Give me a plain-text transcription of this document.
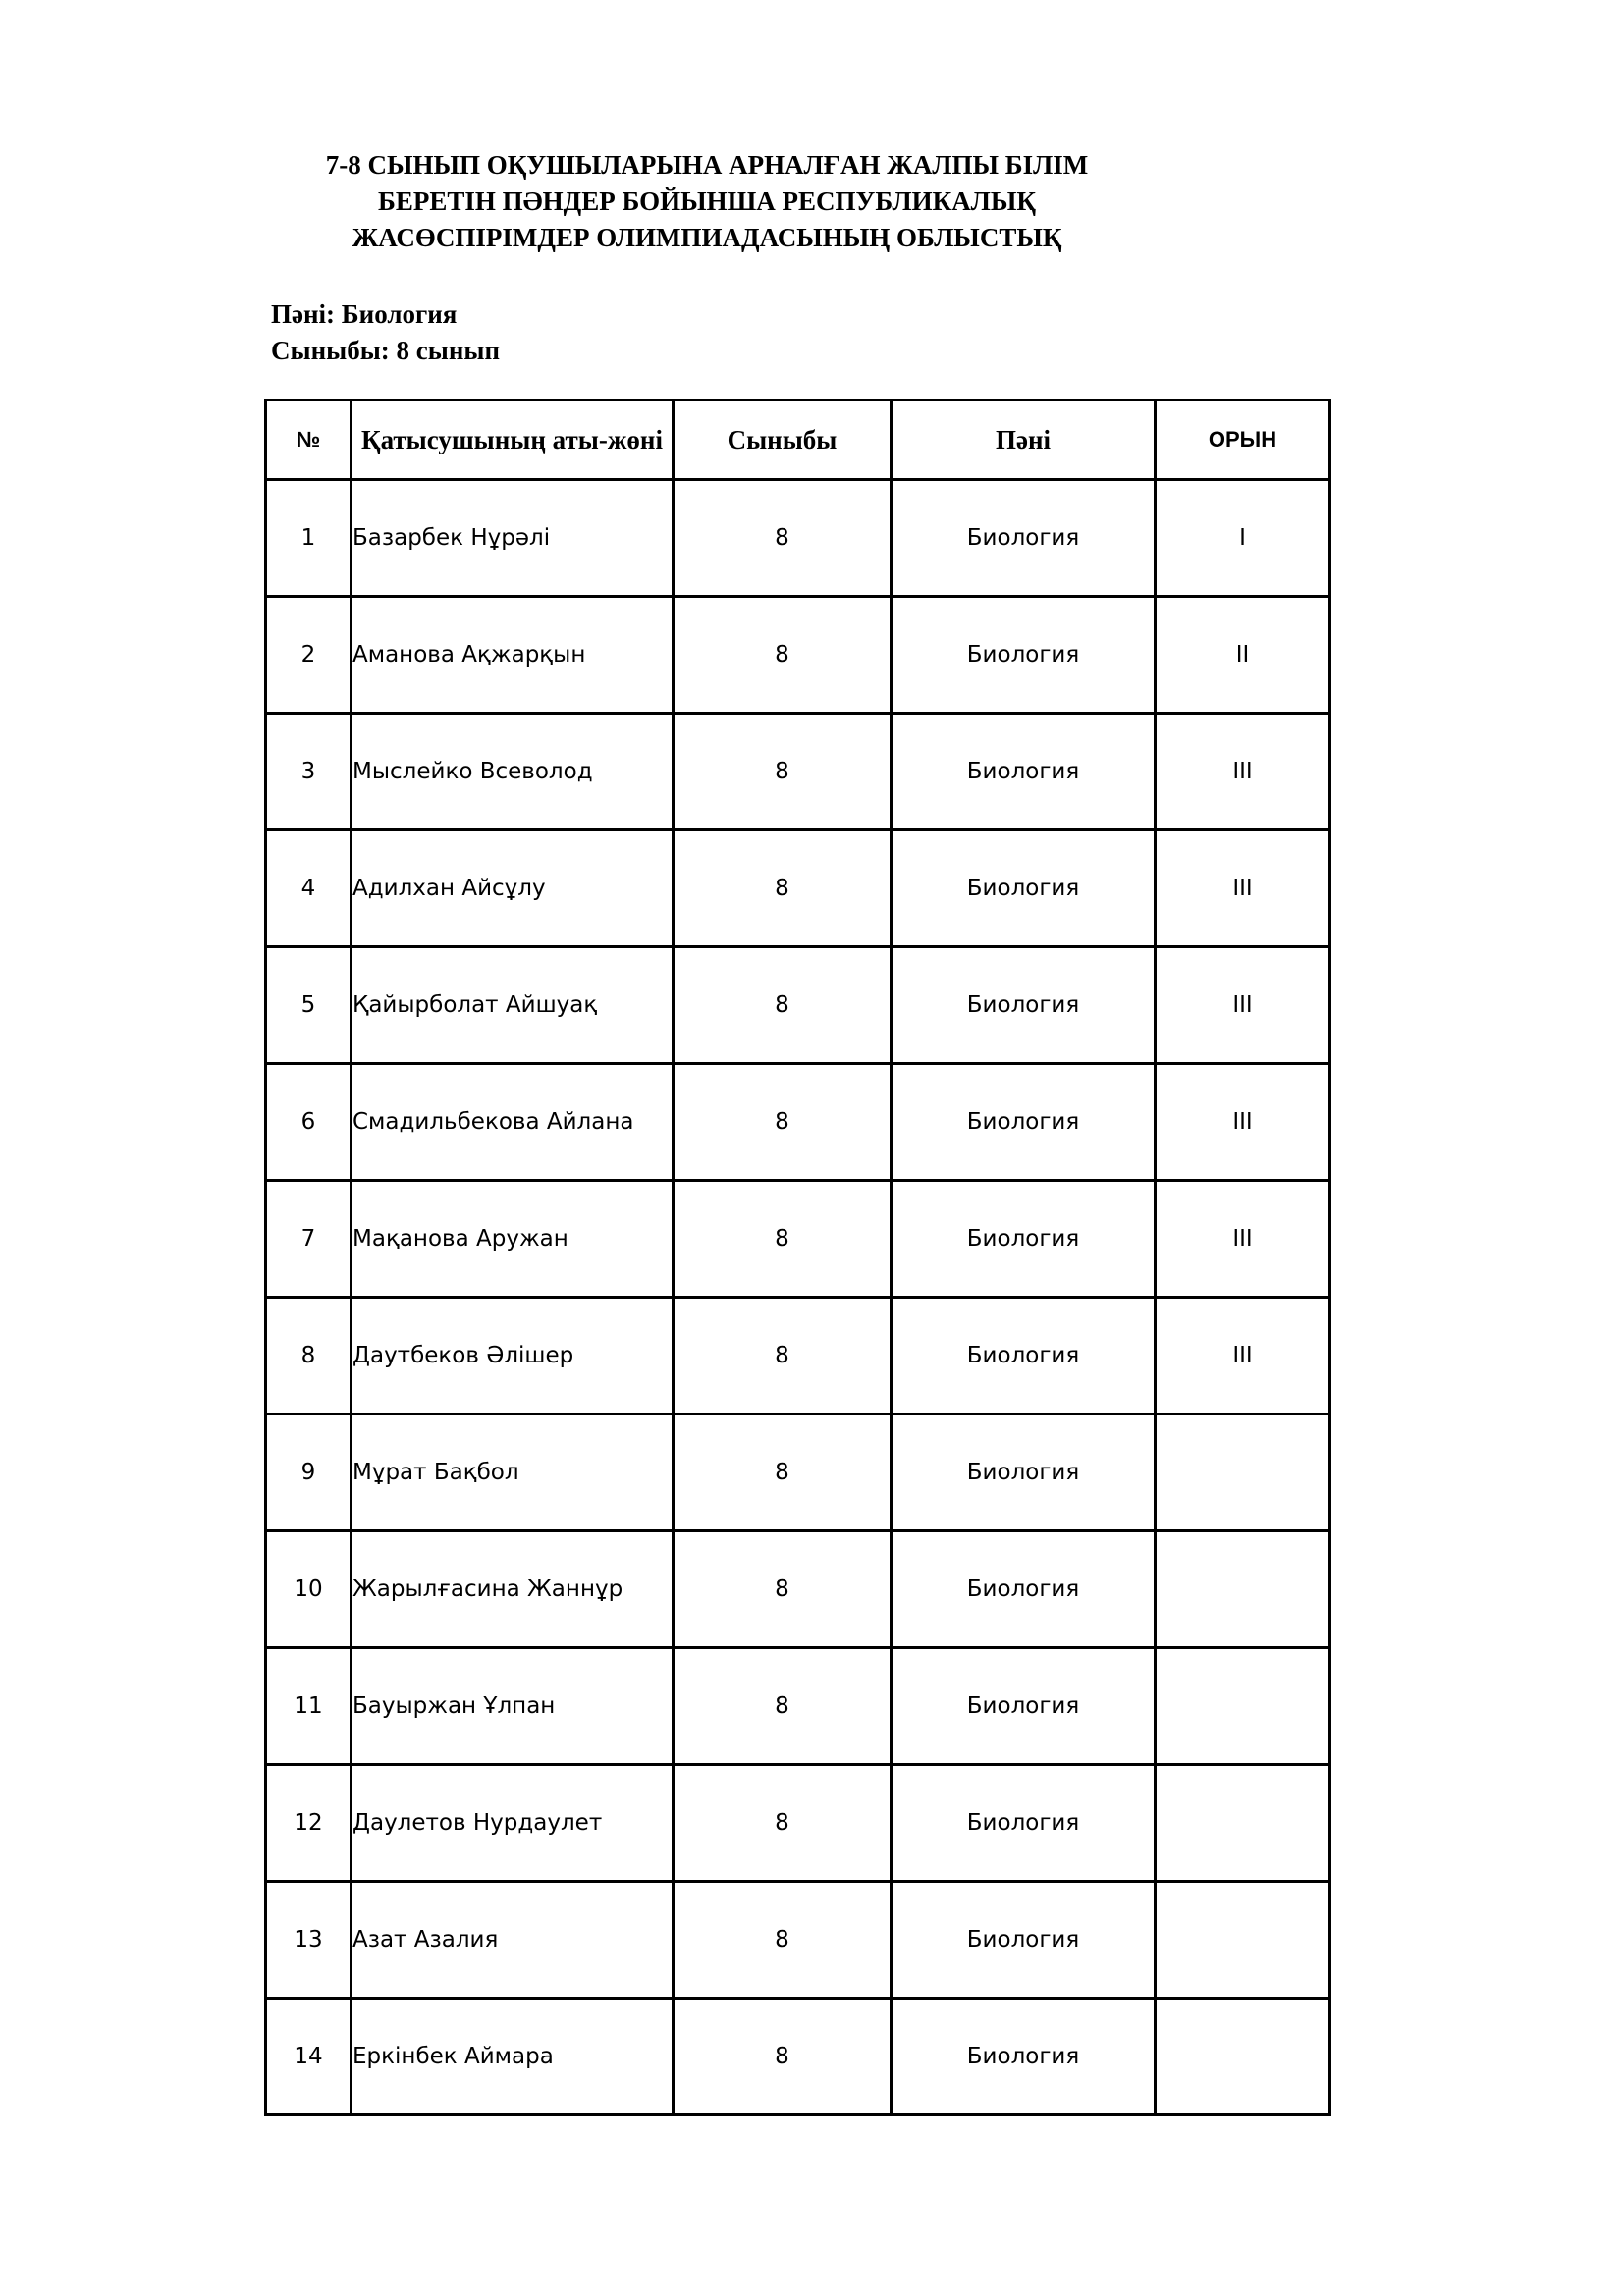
7-8 СЫНЫП ОҚУШЫЛАРЫНА АРНАЛҒАН ЖАЛПЫ БІЛІМ
БЕРЕТІН ПӘНДЕР БОЙЫНША РЕСПУБЛИКАЛЫҚ
ЖАСӨСПІРІМДЕР ОЛИМПИАДАСЫНЫҢ ОБЛЫСТЫҚ
Пәні: Биология
Сыныбы: 8 сынып
№	Қатысушының аты-жөні	Сыныбы	Пәні	ОРЫН
1	Базарбек Нұрәлі	8	Биология	I
2	Аманова Ақжарқын	8	Биология	II
3	Мыслейко Всеволод	8	Биология	III
4	Адилхан Айсұлу	8	Биология	III
5	Қайырболат Айшуақ	8	Биология	III
6	Смадильбекова Айлана	8	Биология	III
7	Мақанова Аружан	8	Биология	III
8	Даутбеков Әлішер	8	Биология	III
9	Мұрат Бақбол	8	Биология	
10	Жарылғасина Жаннұр	8	Биология	
11	Бауыржан Ұлпан	8	Биология	
12	Даулетов Нурдаулет	8	Биология	
13	Азат Азалия	8	Биология	
14	Еркінбек Аймара	8	Биология	
